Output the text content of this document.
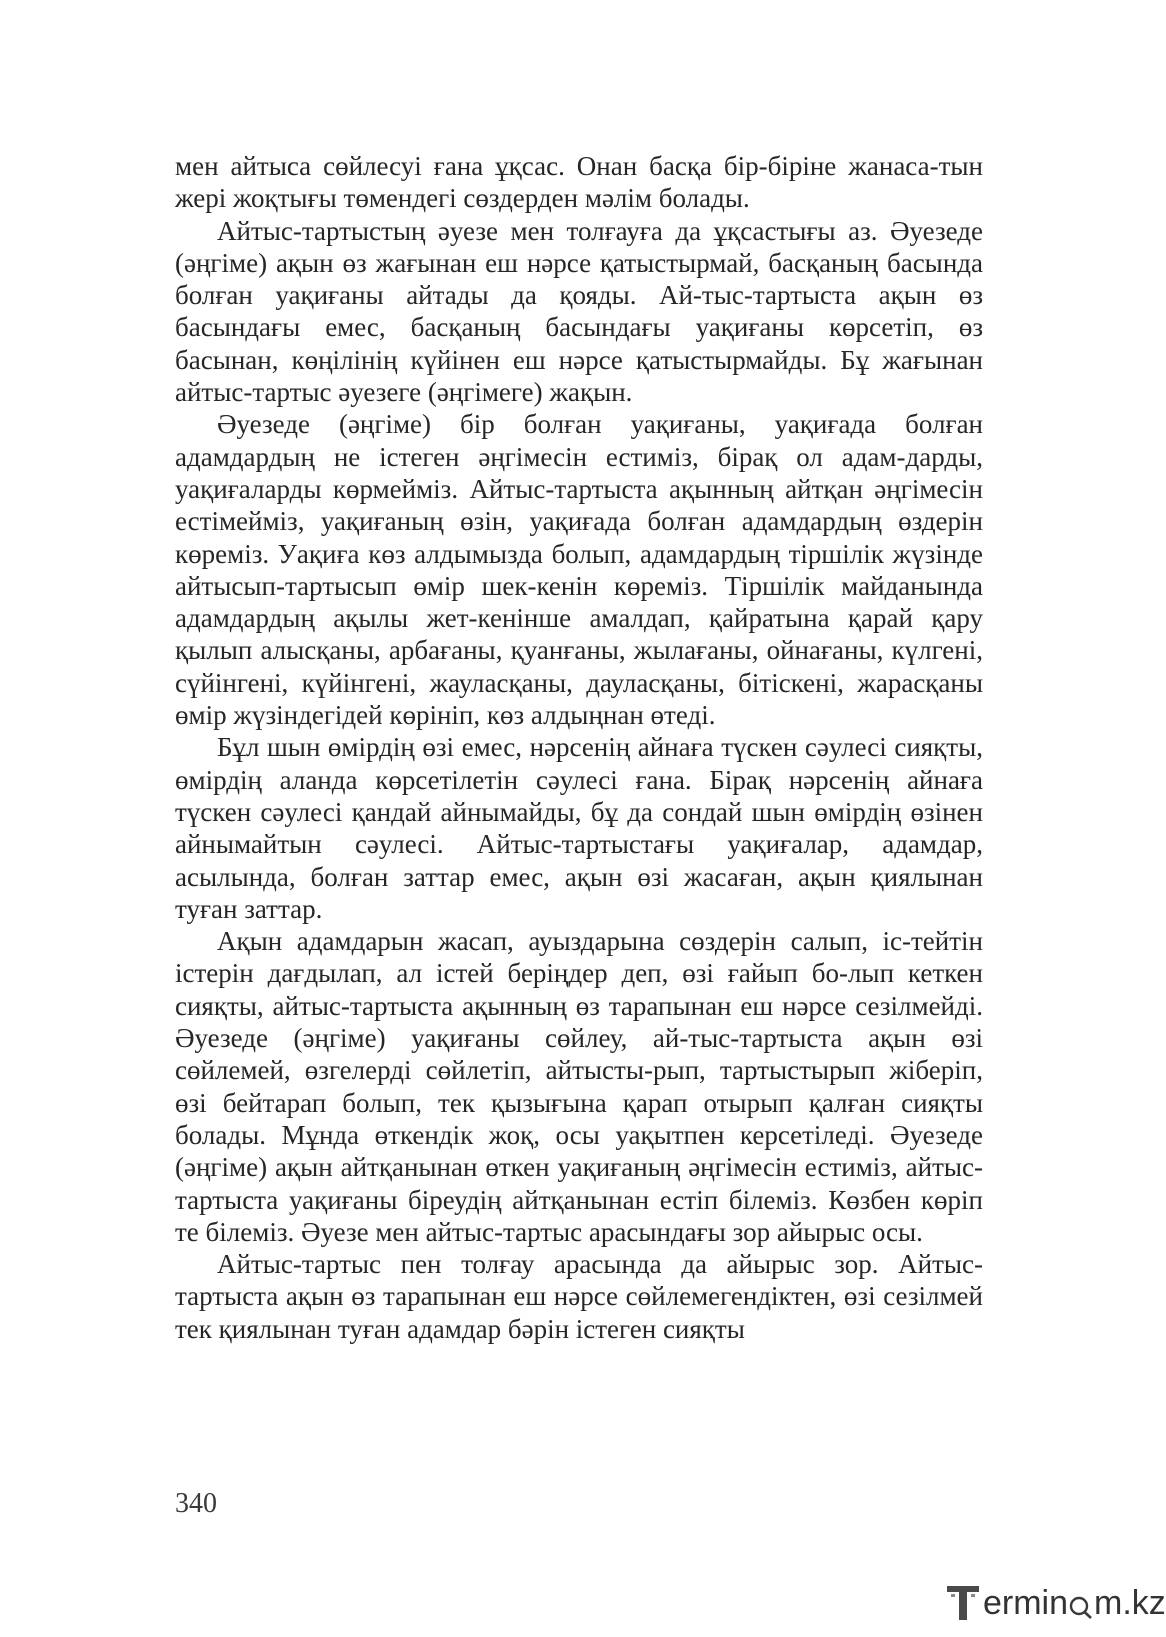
мен айтыса сөйлесуі ғана ұқсас. Онан басқа бір-біріне жанаса-тын жері жоқтығы төмендегі сөздерден мәлім болады.

Айтыс-тартыстың әуезе мен толғауға да ұқсастығы аз. Әуезеде (әңгіме) ақын өз жағынан еш нәрсе қатыстырмай, басқаның басында болған уақиғаны айтады да қояды. Ай-тыс-тартыста ақын өз басындағы емес, басқаның басындағы уақиғаны көрсетіп, өз басынан, көңілінің күйінен еш нәрсе қатыстырмайды. Бұ жағынан айтыс-тартыс әуезеге (әңгімеге) жақын.

Әуезеде (әңгіме) бір болған уақиғаны, уақиғада болған адамдардың не істеген әңгімесін естиміз, бірақ ол адам-дарды, уақиғаларды көрмейміз. Айтыс-тартыста ақынның айтқан әңгімесін естімейміз, уақиғаның өзін, уақиғада болған адамдардың өздерін көреміз. Уақиға көз алдымызда болып, адамдардың тіршілік жүзінде айтысып-тартысып өмір шек-кенін көреміз. Тіршілік майданында адамдардың ақылы жет-кенінше амалдап, қайратына қарай қару қылып алысқаны, арбағаны, қуанғаны, жылағаны, ойнағаны, күлгені, сүйінгені, күйінгені, жауласқаны, дауласқаны, бітіскені, жарасқаны өмір жүзіндегідей көрініп, көз алдыңнан өтеді.

Бұл шын өмірдің өзі емес, нәрсенің айнаға түскен сәулесі сияқты, өмірдің аланда көрсетілетін сәулесі ғана. Бірақ нәрсенің айнаға түскен сәулесі қандай айнымайды, бұ да сондай шын өмірдің өзінен айнымайтын сәулесі. Айтыс-тартыстағы уақиғалар, адамдар, асылында, болған заттар емес, ақын өзі жасаған, ақын қиялынан туған заттар.

Ақын адамдарын жасап, ауыздарына сөздерін салып, іс-тейтін істерін дағдылап, ал істей беріңдер деп, өзі ғайып бо-лып кеткен сияқты, айтыс-тартыста ақынның өз тарапынан еш нәрсе сезілмейді. Әуезеде (әңгіме) уақиғаны сөйлеу, ай-тыс-тартыста ақын өзі сөйлемей, өзгелерді сөйлетіп, айтысты-рып, тартыстырып жіберіп, өзі бейтарап болып, тек қызығына қарап отырып қалған сияқты болады. Мұнда өткендік жоқ, осы уақытпен керсетіледі. Әуезеде (әңгіме) ақын айтқанынан өткен уақиғаның әңгімесін естиміз, айтыс-тартыста уақиғаны біреудің айтқанынан естіп білеміз. Көзбен көріп те білеміз. Әуезе мен айтыс-тартыс арасындағы зор айырыс осы.

Айтыс-тартыс пен толғау арасында да айырыс зор. Айтыс-тартыста ақын өз тарапынан еш нәрсе сөйлемегендіктен, өзі сезілмей тек қиялынан туған адамдар бәрін істеген сияқты

340
ermin m.kz
